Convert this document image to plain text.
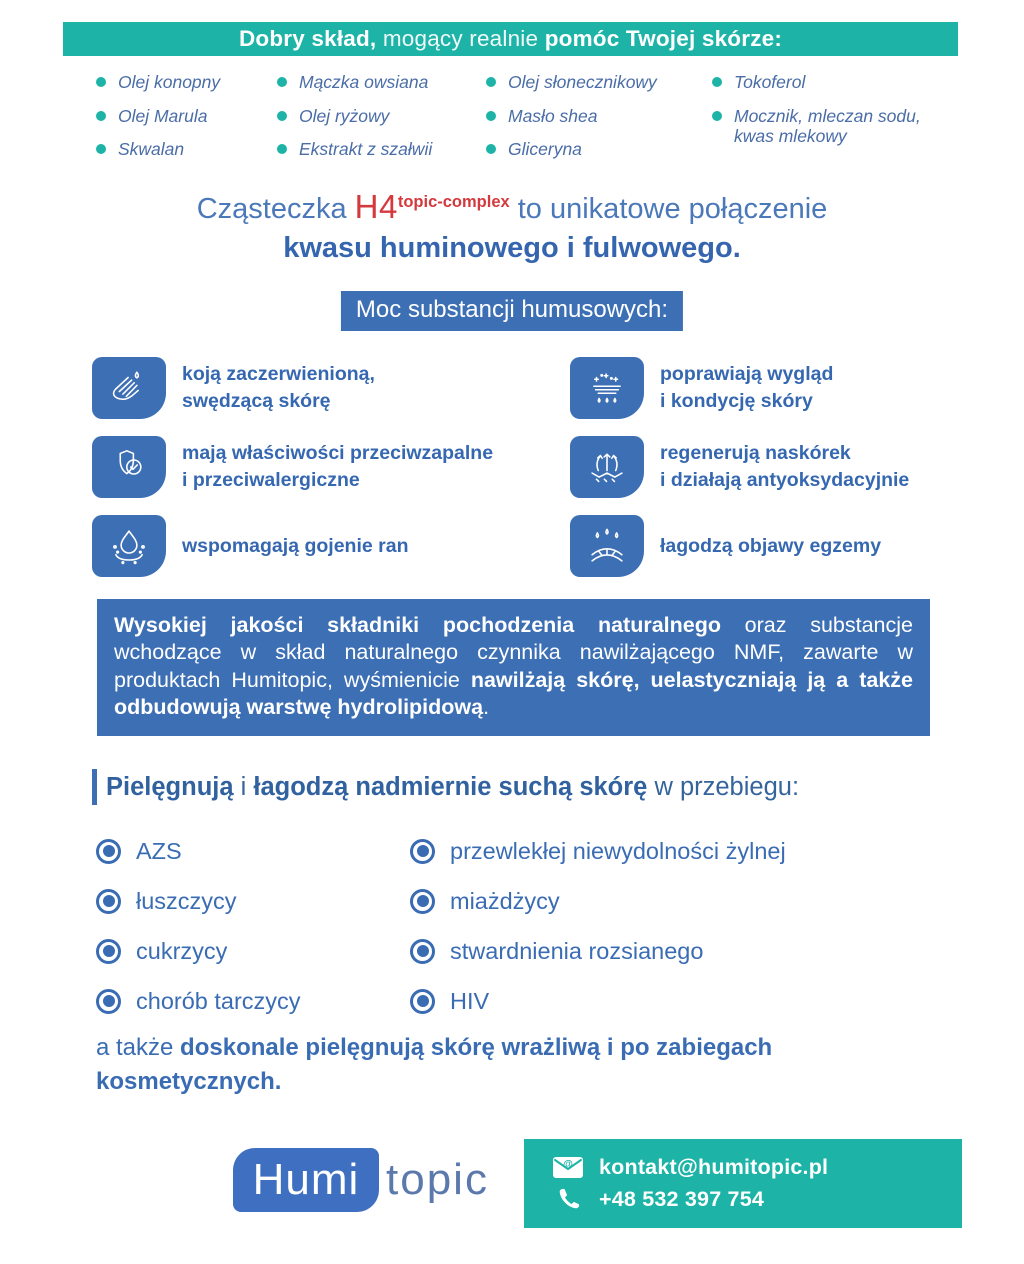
Dobry skład, mogący realnie pomóc Twojej skórze:
Olej konopny
Olej Marula
Skwalan
Mączka owsiana
Olej ryżowy
Ekstrakt z szałwii
Olej słonecznikowy
Masło shea
Gliceryna
Tokoferol
Mocznik, mleczan sodu, kwas mlekowy
Cząsteczka H4topic-complex to unikatowe połączenie
kwasu huminowego i fulwowego.
Moc substancji humusowych:
koją zaczerwienioną,
swędzącą skórę
poprawiają wygląd
i kondycję skóry
mają właściwości przeciwzapalne
i przeciwalergiczne
regenerują naskórek
i działają antyoksydacyjnie
wspomagają gojenie ran	łagodzą objawy egzemy
Wysokiej jakości składniki pochodzenia naturalnego oraz substancje wchodzące w skład naturalnego czynnika nawilżającego NMF, zawarte w produktach Humitopic, wyśmienicie nawilżają skórę, uelastyczniają ją a także odbudowują warstwę hydrolipidową.
Pielęgnują i łagodzą nadmiernie suchą skórę w przebiegu:
AZS
łuszczycy
cukrzycy
chorób tarczycy
przewlekłej niewydolności żylnej
miażdżycy
stwardnienia rozsianego
HIV
a także doskonale pielęgnują skórę wrażliwą i po zabiegach kosmetycznych.
Humi topic	@ kontakt@humitopic.pl
+48 532 397 754
